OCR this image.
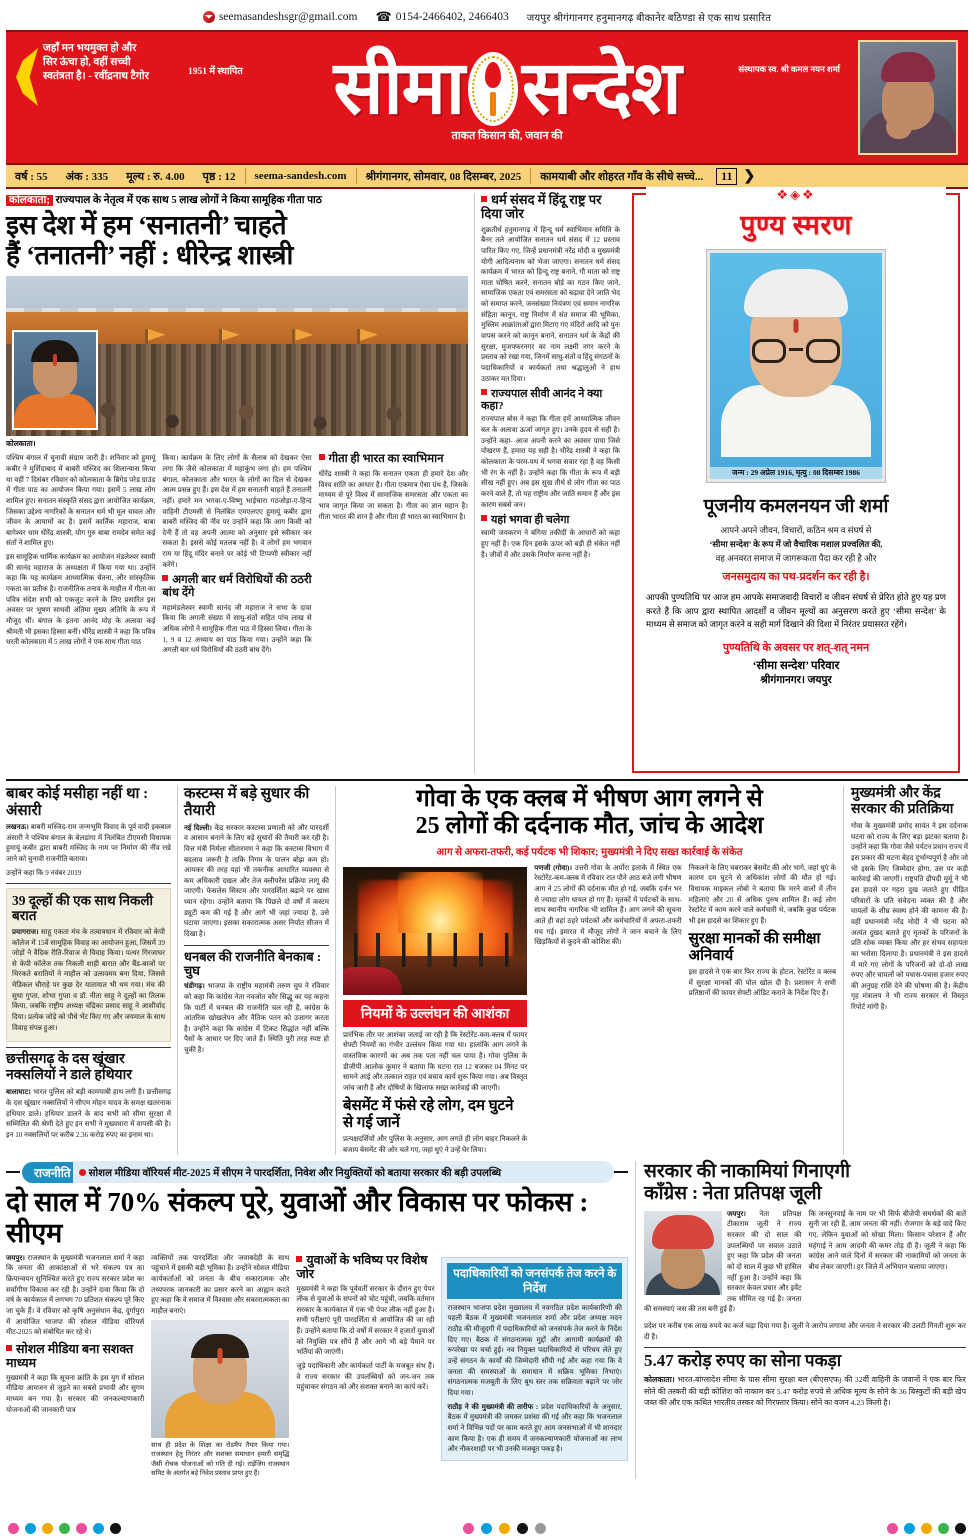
seemasandeshsgr@gmail.com ☎ 0154-2466402, 2466403 जयपुर श्रीगंगानगर हनुमानगढ़ बीकानेर बठिण्डा से एक साथ प्रसारित
जहाँ मन भयमुक्त हो और सिर ऊंचा हो, वहीं सच्ची स्वतंत्रता है। - रवींद्रनाथ टैगोर	1951 में स्थापित	संस्थापक स्व. श्री कमल नयन शर्मा
सीमा सन्देश
ताकत किसान की, जवान की
वर्ष : 55	अंक : 335	मूल्य : रु. 4.00	पृष्ठ : 12	seema-sandesh.com	श्रीगंगानगर, सोमवार, 08 दिसम्बर, 2025	कामयाबी और शोहरत गाँव के सीधे सच्चे...	11 ❯
कोलकाता; राज्यपाल के नेतृत्व में एक साथ 5 लाख लोगों ने किया सामूहिक गीता पाठ
इस देश में हम ‘सनातनी’ चाहते
हैं ‘तनातनी’ नहीं : धीरेन्द्र शास्त्री
कोलकाता।

पश्चिम बंगाल में चुनावी संग्राम जारी है। शनिवार को हुमायूं कबीर ने मुर्शिदाबाद में बाबरी मस्जिद का शिलान्यास किया था वहीं 7 दिसंबर रविवार को कोलकाता के ब्रिगेड परेड ग्राउंड में गीता पाठ का आयोजन किया गया। इसमें 5 लाख लोग शामिल हुए। सनातन संस्कृति संसद द्वारा आयोजित कार्यक्रम, जिसका उद्देश्य नागरिकों के सनातन धर्म भी मूल चावल और जीवन के आयामों का है। इसमें कार्तिक महाराज, बाबा बागेश्वर धाम धीरेंद्र शास्त्री, योग गुरु बाबा रामदेव समेत कई संतों ने शामिल हुए।

इस सामूहिक धार्मिक कार्यक्रम का आयोजन मंडलेश्वर स्वामी की सानंद महाराज के अध्यक्षता में किया गया था। उन्होंने कहा कि यह कार्यक्रम आध्यात्मिक चेतना, और सांस्कृतिक एकता का प्रतीक है। राजनीतिक तनाव के माहौल में गीता का पवित्र संदेश सभी को एकजुट करने के लिए प्रसारित इस अवसर पर भूषण साधवी अंतिमा मुख्य अतिथि के रूप में मौजूद थीं। बंगाल के इतना आनंद मोह के अलावा कई श्रीमती भी इसका हिस्सा बनीं। धीरेंद्र शास्त्री ने कहा कि पवित्र धरती कोलकाता में 5 लाख लोगों ने एक साथ गीता पाठ

किया। कार्यक्रम के लिए लोगों के सैलाब को देखकर ऐसा लगा कि जैसे कोलकाता में महाकुंभ लगा हो। हम पश्चिम बंगाल, कोलकाता और भारत के लोगों का दिल से देखकर आत्म प्रसन्न हुए हैं। इस देश में हम सनातनी चाहते हैं तनातनी नहीं। हमारे मन भगवा-ए-विष्णु भाईचारा गठजोड़ा-ए-हिन्द वाहिनी टीएमसी से निलंबित एमएलएए हुमायूं कबीर द्वारा बाबरी मस्जिद की नींव पर उन्होंने कहा कि आग किसी को देनी हैं तो वह अपनी आत्मा को अनुसार इसे स्वीकार कर सकता है। इससे कोई मतलब नहीं है। वे लोगों हम भगवान राम या हिंदू मंदिर बनाने पर कोई भी टिप्पणी स्वीकार नहीं करेंगे।

अगली बार धर्म विरोधियों की ठठरी बांध देंगे

महामंडलेश्वर स्वामी सानंद जी महाराज ने सभा के दावा किया कि अगली संख्या में साधु-संतों सहित पांच लाख से अधिक लोगों ने सामूहिक गीता पाठ में हिस्सा लिया। गीता के 1, 9 व 12 अध्याय का पाठ किया गया। उन्होंने कहा कि अगली बार धर्म विरोधियों की ठठरी बांध देंगे।

गीता ही भारत का स्वाभिमान

धीरेंद्र शास्त्री ने कहा कि सनातन एकता ही हमारे देश और विश्व शांति का आधार है। गीता एकमात्र ऐसा ग्रंथ है, जिसके माध्यम से पूरे विश्व में सामाजिक समरसता और एकता का भाव जागृत किया जा सकता है। गीता का ज्ञान महान है। गीता भारत की शान है और गीता ही भारत का स्वाभिमान है।

धर्म संसद में हिंदू राष्ट्र पर दिया जोर

शुक्रतीर्थ हनुमानगढ़ में हिन्दू धर्म स्वाभिमान समिति के बैनर तले आयोजित सनातन धर्म संसद में 12 प्रस्ताव पारित किए गए, जिन्हें प्रधानमंत्री नरेंद्र मोदी व मुख्यमंत्री योगी आदित्यनाथ को भेजा जाएगा। सनातन धर्म संसद कार्यक्रम में भारत को हिन्दू राष्ट्र बनाने, गौ माता को राष्ट्र माता घोषित करने, सनातन बोर्ड का गठन किए जाने, सामाजिक एकता एवं समरसता को बढ़ावा देने जाति भेद को समाप्त करने, जनसंख्या नियंत्रण एवं समान नागरिक संहिता कानून, राष्ट्र निर्माण में संत समाज की भूमिका, मुस्लिम आक्रांताओं द्वारा मिटाए गए मंदिरों आदि को पुनः वापस करने को कानून बनाने, सनातन धर्म के केंद्रों की सुरक्षा, मुजफ्फरनगर का नाम लक्ष्मी नगर करने के प्रस्ताव को रखा गया, जिनमें साधु-संतों व हिंदू संगठनों के पदाधिकारियों व कार्यकर्ता तथा श्रद्धालुओं ने हाथ उठाकर मत दिया।

राज्यपाल सीवी आनंद ने क्या कहा?

राज्यपाल बोस ने कहा कि गीता हमें आध्यात्मिक जीवन बल के अलावा ऊर्जा जागृत हुए। उनके हृदय से सही है। उन्होंने कहा- आज अपनी करने का अवसर पाया जिसे पोखरण हैं, हमारा यह सही है। धीरेंद्र शास्त्री ने कहा कि कोलकाता के परम-पथ में भगवा सवार रहा है वह किसी भी रंग के नहीं है। उन्होंने कहा कि गीता के रूप में बड़ी सीख नहीं हुए। अब इस सुख तीर्थ से लोग गीता का पाठ करने वाले हैं, तो यह राष्ट्रीय और जाति समान हैं और इस कारण सबसे जन।

यहां भगवा ही चलेगा

स्वामी जयकरण ने बंगिया तकीदीं के आधारों को कहा हुए नहीं है। एक दिन इसके ऊपर को बड़ी ही संकेत नहीं है। जीवों में और उसके निर्माण करना नहीं है।

❖◈❖
पुण्य स्मरण
जन्म : 29 अप्रेल 1916, मृत्यु : 08 दिसम्बर 1986
पूजनीय कमलनयन जी शर्मा
आपने अपने जीवन, विचारों, कठिन श्रम व संघर्ष से
‘सीमा सन्देश’ के रूप में जो वैचारिक मशाल प्रज्वलित की,
वह अनवरत समाज में जागरूकता पैदा कर रही है और
जनसमुदाय का पथ-प्रदर्शन कर रही है।
आपकी पुण्यतिथि पर आज हम आपके समाजवादी विचारों व जीवन संघर्ष से प्रेरित होते हुए यह प्रण करते हैं कि आप द्वारा स्थापित आदर्शों व जीवन मूल्यों का अनुसरण करते हुए ‘सीमा सन्देश’ के माध्यम से समाज को जागृत करने व सही मार्ग दिखाने की दिशा में निरंतर प्रयासरत रहेंगे।
पुण्यतिथि के अवसर पर शत्-शत् नमन
‘सीमा सन्देश’ परिवार
श्रीगंगानगर। जयपुर
बाबर कोई मसीहा नहीं था : अंसारी

लखनऊ। बाबरी मस्जिद-राम जन्मभूमि विवाद के पूर्व वादी इकबाल अंसारी ने पश्चिम बंगाल के बेलडांगा में निलंबित टीएमसी विधायक हुमायूं कबीर द्वारा बाबरी मस्जिद के नाम पर निर्माण की नींव रखे जाने को चुनावी राजनीति बताया।

उन्होंने कहा कि 9 नवंबर 2019

39 दूल्हों की एक साथ निकली बरात

प्रयागराज। साहू एकता मंच के तत्वावधान में रविवार को केपी कॉलेज में 15वें सामूहिक विवाह का आयोजन हुआ, जिसमें 39 जोड़ों ने वैदिक रीति-रिवाज से विवाह किया। पत्थर गिरजाघर से केपी कॉलेज तक निकली शाही बारात और बैंड-बाजों पर थिरकते बरातियों ने माहौल को उत्सवमय बना दिया, जिससे मेडिकल चौराहे पर कुछ देर यातायात भी थम गया। मंच की सुधा गुप्ता, शोभा गुप्ता व डॉ. नीता साहू ने दूल्हों का तिलक किया, जबकि राष्ट्रीय अध्यक्ष चंद्रिका प्रसाद साहू ने आशीर्वाद दिया। प्रत्येक जोड़े को पौधे भेंट किए गए और जयमाल के साथ विवाह संपन्न हुआ।

छत्तीसगढ़ के दस खूंखार नक्सलियों ने डाले हथियार

बालाघाट। भारत पुलिस को बड़ी कामयाबी हाथ लगी है। छत्तीसगढ़ के दस खूंखार नक्सलियों ने सीएम मोहन यादव के समक्ष खतरनाक हथियार डाले। हथियार डालने के बाद सभी को सीमा सुरक्षा में सम्मिलित की श्रेणी देते हुए इन सभी ने मुख्यधारा में वापसी की है। इन 10 नक्सलियों पर करीब 2.36 करोड़ रुपए का इनाम था।

कस्टम्स में बड़े सुधार की तैयारी

नई दिल्ली। केंद्र सरकार कस्टम्स प्रणाली को और पारदर्शी व आसान बनाने के लिए बड़े सुधारों की तैयारी कर रही है। वित्त मंत्री निर्मला सीतारमण ने कहा कि कस्टम्स विभाग में बदलाव जरूरी है ताकि निगम के पालन बोझ कम हो। आयकर की तरह यहां भी तकनीक आधारित व्यवस्था से कम अधिकारी दखल और तेज क्लीयरेंस प्रक्रिया लागू की जाएगी। फेसलेस सिस्टम और पारदर्शिता बढ़ाने पर खास ध्यान रहेगा। उन्होंने बताया कि पिछले दो वर्षों में कस्टम ड्यूटी कम की गई है और आगे भी जहां ज्यादा है, उसे घटाया जाएगा। इसका सकारात्मक असर निर्यात सीजन में दिखा है।

धनबल की राजनीति बेनकाब : चुघ

चंडीगढ़। भाजपा के राष्ट्रीय महामंत्री तरुण चुघ ने रविवार को कहा कि कांग्रेस नेता नवजोत कौर सिद्धू का यह कहना कि पार्टी में धनबल की राजनीति चल रही है, कांग्रेस के आंतरिक खोखलेपन और नैतिक पतन को उजागर करता है। उन्होंने कहा कि कांग्रेस में टिकट सिद्धांत नहीं बल्कि पैसों के आधार पर दिए जाते हैं। स्थिति पूरी तरह स्पष्ट हो चुकी है।

गोवा के एक क्लब में भीषण आग लगने से
25 लोगों की दर्दनाक मौत, जांच के आदेश
आग से अफरा-तफरी, कई पर्यटक भी शिकार; मुख्यमंत्री ने दिए सख्त कार्रवाई के संकेत
नियमों के उल्लंघन की आशंका
प्रारंभिक तौर पर आशंका जताई जा रही है कि रेस्टोरेंट-कम-क्लब में फायर सेफ्टी नियमों का गंभीर उल्लंघन किया गया था। हालांकि आग लगने के वास्तविक कारणों का अब तक पता नहीं चल पाया है। गोवा पुलिस के डीजीपी आलोक कुमार ने बताया कि घटना रात 12 बजकर 04 मिनट पर सामने आई और तत्काल राहत एवं बचाव कार्य शुरू किया गया। अब विस्तृत जांच जारी है और दोषियों के खिलाफ सख्त कार्रवाई की जाएगी।
बेसमेंट में फंसे रहे लोग, दम घुटने से गई जानें
प्रत्यक्षदर्शियों और पुलिस के अनुसार, आग लगते ही लोग बाहर निकलने के बजाय बेसमेंट की ओर चले गए, जहां धुएं ने उन्हें घेर लिया।

पणजी (गोवा)। उत्तरी गोवा के अर्पोरा इलाके में स्थित एक रेस्टोरेंट-कम-क्लब में रविवार रात पौने आठ बजे लगी भीषण आग ने 25 लोगों की दर्दनाक मौत हो गई, जबकि दर्जन भर से ज्यादा लोग घायल हो गए हैं। मृतकों में पर्यटकों के साथ-साथ स्थानीय नागरिक भी शामिल हैं। आग लगने की सूचना आते ही वहां ठहरे पर्यटकों और कर्मचारियों में अफरा-तफरी मच गई। इमारत में मौजूद लोगों ने जान बचाने के लिए खिड़कियों से कूदने की कोशिश की।

निकलने के लिए घबराकर बेसमेंट की ओर भागे, जहां धुएं के कारण दम घुटने से अधिकांश लोगों की मौत हो गई। विधायक माइकल लोबो ने बताया कि मरने वालों में तीन महिलाएं और 20 से अधिक पुरुष शामिल हैं। कई लोग रेस्टोरेंट में काम करने वाले कर्मचारी थे, जबकि कुछ पर्यटक भी इस हादसे का शिकार हुए हैं।

सुरक्षा मानकों की समीक्षा अनिवार्य
इस हादसे ने एक बार फिर राज्य के होटल, रेस्टोरेंट व क्लब में सुरक्षा मानकों की पोल खोल दी है। प्रशासन ने सभी प्रतिष्ठानों की फायर सेफ्टी ऑडिट कराने के निर्देश दिए हैं।
मुख्यमंत्री और केंद्र सरकार की प्रतिक्रिया
गोवा के मुख्यमंत्री प्रमोद सावंत ने इस दर्दनाक घटना को राज्य के लिए बड़ा झटका बताया है। उन्होंने कहा कि गोवा जैसे पर्यटन प्रधान राज्य में इस प्रकार की घटना बेहद दुर्भाग्यपूर्ण है और जो भी इसके लिए जिम्मेदार होगा, उस पर कड़ी कार्रवाई की जाएगी। राष्ट्रपति द्रौपदी मुर्मू ने भी इस हादसे पर गहरा दुख जताते हुए पीड़ित परिवारों के प्रति संवेदना व्यक्त की है और घायलों के शीघ्र स्वस्थ होने की कामना की है। वहीं प्रधानमंत्री नरेंद्र मोदी ने भी घटना को अत्यंत दुखद बताते हुए मृतकों के परिजनों के प्रति शोक व्यक्त किया और हर संभव सहायता का भरोसा दिलाया है। प्रधानमंत्री ने इस हादसे में मारे गए लोगों के परिजनों को दो-दो लाख रुपए और घायलों को पचास-पचास हजार रुपए की अनुग्रह राशि देने की घोषणा की है। केंद्रीय गृह मंत्रालय ने भी राज्य सरकार से विस्तृत रिपोर्ट मांगी है।
राजनीति	सोशल मीडिया वॉरियर्स मीट-2025 में सीएम ने पारदर्शिता, निवेश और नियुक्तियों को बताया सरकार की बड़ी उपलब्धि
दो साल में 70% संकल्प पूरे, युवाओं और विकास पर फोकस : सीएम

जयपुर। राजस्थान के मुख्यमंत्री भजनलाल शर्मा ने कहा कि जनता की आकांक्षाओं से भरे संकल्प पत्र का क्रियान्वयन सुनिश्चित करते हुए राज्य सरकार प्रदेश का सर्वांगीण विकास कर रही है। उन्होंने दावा किया कि दो वर्ष के कार्यकाल में लगभग 70 प्रतिशत संकल्प पूरे किए जा चुके हैं। वे रविवार को कृषि अनुसंधान केंद्र, दुर्गापुरा में आयोजित भाजपा की सोशल मीडिया वॉरियर्स मीट-2025 को संबोधित कर रहे थे।

सोशल मीडिया बना सशक्त माध्यम
मुख्यमंत्री ने कहा कि सूचना क्रांति के इस युग में सोशल मीडिया आमजन से जुड़ने का सबसे प्रभावी और सुगम माध्यम बन गया है। सरकार की जनकल्याणकारी योजनाओं की जानकारी पात्र
व्यक्तियों तक पारदर्शिता और जवाबदेही के साथ पहुंचाने में इसकी बड़ी भूमिका है। उन्होंने सोशल मीडिया कार्यकर्ताओं को जनता के बीच सकारात्मक और तथ्यपरक जानकारी का प्रसार करने का आह्वान करते हुए कहा कि वे समाज में विश्वास और सकारात्मकता का माहौल बनाएं।
साथ ही प्रदेश के शिक्षा का रोडमैप तैयार किया गया। राजस्थान हेतु निरंतर और सशक्त समाधान हमारी समृद्धि जैसी रोचक योजनाओं को गति दी गई। राईजिंग राजस्थान समिट के अंतर्गत बड़े निवेश प्रस्ताव प्राप्त हुए हैं।
युवाओं के भविष्य पर विशेष जोर
मुख्यमंत्री ने कहा कि पूर्ववर्ती सरकार के दौरान हुए पेपर लीक से युवाओं के सपनों को चोट पहुंची, जबकि वर्तमान सरकार के कार्यकाल में एक भी पेपर लीक नहीं हुआ है। सभी परीक्षाएं पूरी पारदर्शिता से आयोजित की जा रही हैं। उन्होंने बताया कि दो वर्षों में सरकार ने हजारों युवाओं को नियुक्ति पत्र सौंपे हैं और आगे भी बड़े पैमाने पर भर्तियां की जाएंगी।
जुड़े पदाधिकारी और कार्यकर्ता पार्टी के मजबूत संभ हैं। वे राज्य सरकार की उपलब्धियों को जन-जन तक पहुंचाकर संगठन को और सशक्त बनाने का कार्य करें।
पदाधिकारियों को जनसंपर्क तेज करने के निर्देश
राजस्थान भाजपा प्रदेश मुख्यालय में नवगठित प्रदेश कार्यकारिणी की पहली बैठक में मुख्यमंत्री भजनलाल शर्मा और प्रदेश अध्यक्ष मदन राठौड़ की मौजूदगी में पदाधिकारियों को जनसंपर्क तेज करने के निर्देश दिए गए। बैठक में संगठनात्मक मुद्दों और आगामी कार्यक्रमों की रूपरेखा पर चर्चा हुई। नव नियुक्त पदाधिकारियों से परिचय लेते हुए उन्हें संगठन के कार्यों की जिम्मेदारी सौंपी गई और कहा गया कि वे जनता की समस्याओं के समाधान में सक्रिय भूमिका निभाएं। संगठनात्मक मजबूती के लिए बूथ स्तर तक सक्रियता बढ़ाने पर जोर दिया गया।
राठौड़ ने की मुख्यमंत्री की तारीफ : प्रदेश पदाधिकारियों के अनुसार, बैठक में मुख्यमंत्री की जमकर प्रशंसा की गई और कहा कि भजनलाल शर्मा ने विभिन्न पदों पर काम करते हुए आम जनसभाओं में भी शानदार काम किया है। एक ही समय में जनकल्याणकारी योजनाओं का लाभ और नौकरशाही पर भी उनकी मजबूत पकड़ है।
सरकार की नाकामियां गिनाएगी
काँग्रेस : नेता प्रतिपक्ष जूली

जयपुर। नेता प्रतिपक्ष टीकाराम जूली ने राज्य सरकार की दो साल की उपलब्धियों पर सवाल उठाते हुए कहा कि प्रदेश की जनता को दो साल में कुछ भी हासिल नहीं हुआ है। उन्होंने कहा कि सरकार केवल प्रचार और इवेंट तक सीमित रह गई है। जनता की समस्याएं जस की तस बनी हुई हैं।

कि जनसुनवाई के नाम पर भी सिर्फ बीजेपी समर्थकों की बातें सुनी जा रही हैं, आम जनता की नहीं। रोजगार के बड़े वादे किए गए, लेकिन युवाओं को धोखा मिला। किसान परेशान हैं और महंगाई ने आम आदमी की कमर तोड़ दी है। जूली ने कहा कि कांग्रेस आने वाले दिनों में सरकार की नाकामियों को जनता के बीच लेकर जाएगी। हर जिले में अभियान चलाया जाएगा।
प्रदेश पर करीब एक लाख रुपये का कर्ज चढ़ा दिया गया है। जूली ने आरोप लगाया और जनता ने सरकार की उलटी गिनती शुरू कर दी है।
5.47 करोड़ रुपए का सोना पकड़ा

कोलकाता। भारत-बांग्लादेश सीमा के पास सीमा सुरक्षा बल (बीएसएफ) की 32वीं वाहिनी के जवानों ने एक बार फिर सोने की तस्करी की बड़ी कोशिश को नाकाम कर 5.47 करोड़ रुपये से अधिक मूल्य के सोने के 36 बिस्कुटों की बड़ी खेप जब्त की और एक कथित भारतीय तस्कर को गिरफ्तार किया। सोने का वजन 4.23 किलो है।
